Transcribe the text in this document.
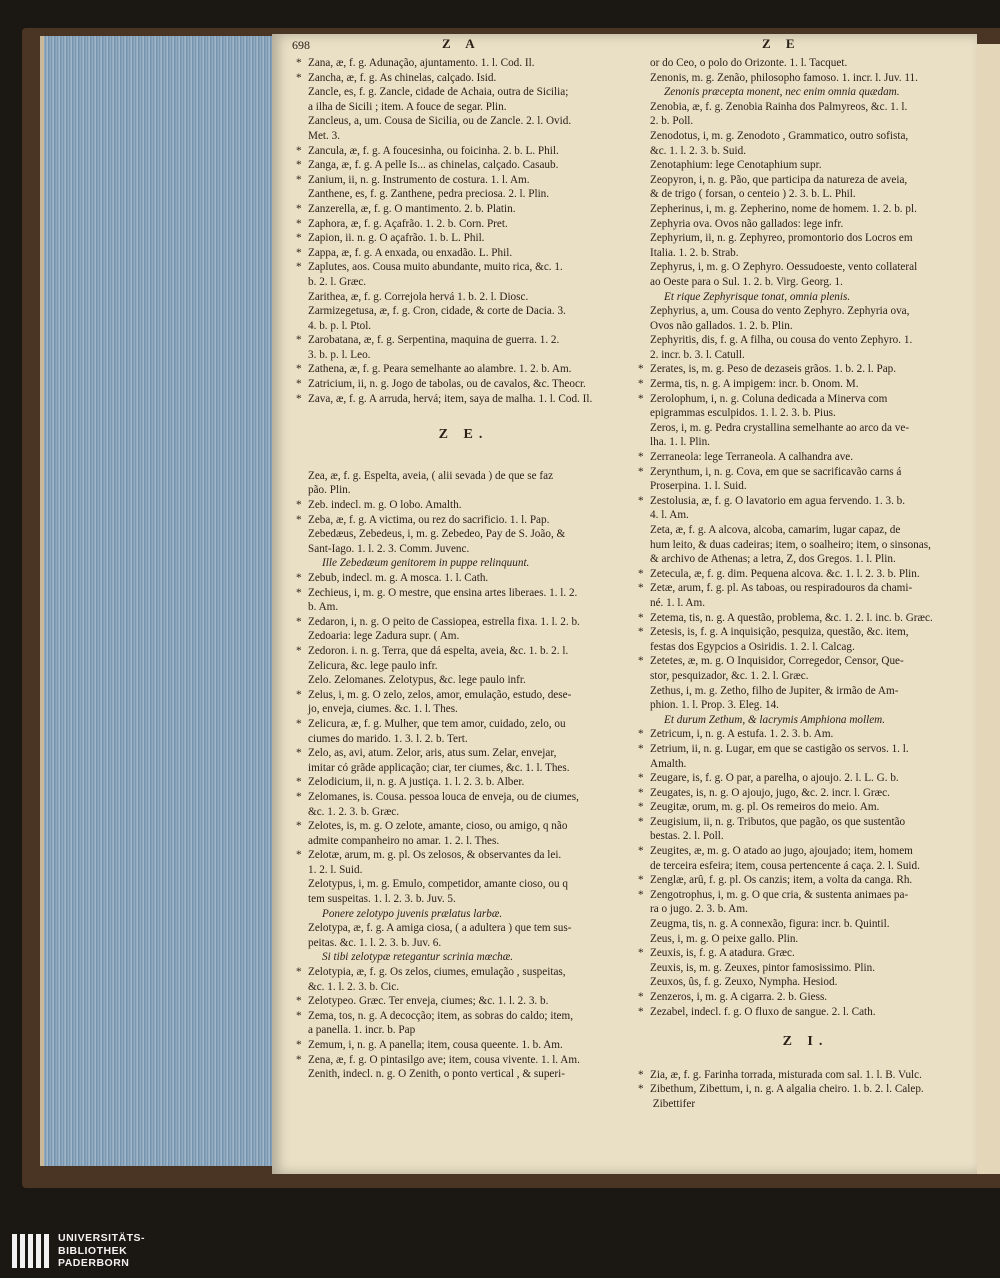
698	Z A	Z E
* Zana, æ, f. g. Adunação, ajuntamento. 1. l. Cod. Il.
* Zancha, æ, f. g. As chinelas, calçado. Isid.
Zancle, es, f. g. Zancle, cidade de Achaia, outra de Sicilia;
a ilha de Sicili ; item. A fouce de segar. Plin.
Zancleus, a, um. Cousa de Sicilia, ou de Zancle. 2. l. Ovid.
Met. 3.
* Zancula, æ, f. g. A foucesinha, ou foicinha. 2. b. L. Phil.
* Zanga, æ, f. g. A pelle Is... as chinelas, calçado. Casaub.
* Zanium, ii, n. g. Instrumento de costura. 1. l. Am.
Zanthene, es, f. g. Zanthene, pedra preciosa. 2. l. Plin.
* Zanzerella, æ, f. g. O mantimento. 2. b. Platin.
* Zaphora, æ, f. g. Açafrão. 1. 2. b. Corn. Pret.
* Zapion, ii. n. g. O açafrão. 1. b. L. Phil.
* Zappa, æ, f. g. A enxada, ou enxadão. L. Phil.
* Zaplutes, aos. Cousa muito abundante, muito rica, &c. 1.
b. 2. l. Græc.
Zarithea, æ, f. g. Correjola hervá 1. b. 2. l. Diosc.
Zarmizegetusa, æ, f. g. Cron, cidade, & corte de Dacia. 3.
4. b. p. l. Ptol.
* Zarobatana, æ, f. g. Serpentina, maquina de guerra. 1. 2.
3. b. p. l. Leo.
* Zathena, æ, f. g. Peara semelhante ao alambre. 1. 2. b. Am.
* Zatricium, ii, n. g. Jogo de tabolas, ou de cavalos, &c. Theocr.
* Zava, æ, f. g. A arruda, hervá; item, saya de malha. 1. l. Cod. Il.
Z E.
Zea, æ, f. g. Espelta, aveia, ( alii sevada ) de que se faz
pão. Plin.
* Zeb. indecl. m. g. O lobo. Amalth.
* Zeba, æ, f. g. A victima, ou rez do sacrificio. 1. l. Pap.
Zebedæus, Zebedeus, i, m. g. Zebedeo, Pay de S. João, &
Sant-Iago. 1. l. 2. 3. Comm. Juvenc.
Ille Zebedæum genitorem in puppe relinquunt.
* Zebub, indecl. m. g. A mosca. 1. l. Cath.
* Zechieus, i, m. g. O mestre, que ensina artes liberaes. 1. l. 2.
b. Am.
* Zedaron, i, n. g. O peito de Cassiopea, estrella fixa. 1. l. 2. b.
Zedoaria: lege Zadura supr. ( Am.
* Zedoron. i. n. g. Terra, que dá espelta, aveia, &c. 1. b. 2. l.
Zelicura, &c. lege paulo infr.
Zelo. Zelomanes. Zelotypus, &c. lege paulo infr.
* Zelus, i, m. g. O zelo, zelos, amor, emulação, estudo, dese-
jo, enveja, ciumes. &c. 1. l. Thes.
* Zelicura, æ, f. g. Mulher, que tem amor, cuidado, zelo, ou
ciumes do marido. 1. 3. l. 2. b. Tert.
* Zelo, as, avi, atum. Zelor, aris, atus sum. Zelar, envejar,
imitar có grãde applicação; ciar, ter ciumes, &c. 1. l. Thes.
* Zelodicium, ii, n. g. A justiça. 1. l. 2. 3. b. Alber.
* Zelomanes, is. Cousa. pessoa louca de enveja, ou de ciumes,
&c. 1. 2. 3. b. Græc.
* Zelotes, is, m. g. O zelote, amante, cioso, ou amigo, q não
admite companheiro no amar. 1. 2. l. Thes.
* Zelotæ, arum, m. g. pl. Os zelosos, & observantes da lei.
1. 2. l. Suid.
Zelotypus, i, m. g. Emulo, competidor, amante cioso, ou q
tem suspeitas. 1. l. 2. 3. b. Juv. 5.
Ponere zelotypo juvenis prælatus larbæ.
Zelotypa, æ, f. g. A amiga ciosa, ( a adultera ) que tem sus-
peitas. &c. 1. l. 2. 3. b. Juv. 6.
Si tibi zelotypæ retegantur scrinia mœchæ.
* Zelotypia, æ, f. g. Os zelos, ciumes, emulação , suspeitas,
&c. 1. l. 2. 3. b. Cic.
* Zelotypeo. Græc. Ter enveja, ciumes; &c. 1. l. 2. 3. b.
* Zema, tos, n. g. A decocção; item, as sobras do caldo; item,
a panella. 1. incr. b. Pap
* Zemum, i, n. g. A panella; item, cousa queente. 1. b. Am.
* Zena, æ, f. g. O pintasilgo ave; item, cousa vivente. 1. l. Am.
Zenith, indecl. n. g. O Zenith, o ponto vertical , & superi-
or do Ceo, o polo do Orizonte. 1. l. Tacquet.
Zenonis, m. g. Zenão, philosopho famoso. 1. incr. l. Juv. 11.
Zenonis præcepta monent, nec enim omnia quædam.
Zenobia, æ, f. g. Zenobia Rainha dos Palmyreos, &c. 1. l.
2. b. Poll.
Zenodotus, i, m. g. Zenodoto , Grammatico, outro sofista,
&c. 1. l. 2. 3. b. Suid.
Zenotaphium: lege Cenotaphium supr.
Zeopyron, i, n. g. Pão, que participa da natureza de aveia,
& de trigo ( forsan, o centeio ) 2. 3. b. L. Phil.
Zepherinus, i, m. g. Zepherino, nome de homem. 1. 2. b. pl.
Zephyria ova. Ovos não gallados: lege infr.
Zephyrium, ii, n. g. Zephyreo, promontorio dos Locros em
Italia. 1. 2. b. Strab.
Zephyrus, i, m. g. O Zephyro. Oessudoeste, vento collateral
ao Oeste para o Sul. 1. 2. b. Virg. Georg. 1.
Et rique Zephyrisque tonat, omnia plenis.
Zephyrius, a, um. Cousa do vento Zephyro. Zephyria ova,
Ovos não gallados. 1. 2. b. Plin.
Zephyritis, dis, f. g. A filha, ou cousa do vento Zephyro. 1.
2. incr. b. 3. l. Catull.
* Zerates, is, m. g. Peso de dezaseis grãos. 1. b. 2. l. Pap.
* Zerma, tis, n. g. A impigem: incr. b. Onom. M.
* Zerolophum, i, n. g. Coluna dedicada a Minerva com
epigrammas esculpidos. 1. l. 2. 3. b. Pius.
Zeros, i, m. g. Pedra crystallina semelhante ao arco da ve-
lha. 1. l. Plin.
* Zerraneola: lege Terraneola. A calhandra ave.
* Zerynthum, i, n. g. Cova, em que se sacrificavão carns á
Proserpina. 1. l. Suid.
* Zestolusia, æ, f. g. O lavatorio em agua fervendo. 1. 3. b.
4. l. Am.
Zeta, æ, f. g. A alcova, alcoba, camarim, lugar capaz, de
hum leito, & duas cadeiras; item, o soalheiro; item, o sinsonas,
& archivo de Athenas; a letra, Z, dos Gregos. 1. l. Plin.
* Zetecula, æ, f. g. dim. Pequena alcova. &c. 1. l. 2. 3. b. Plin.
* Zetæ, arum, f. g. pl. As taboas, ou respiradouros da chami-
né. 1. l. Am.
* Zetema, tis, n. g. A questão, problema, &c. 1. 2. l. inc. b. Græc.
* Zetesis, is, f. g. A inquisição, pesquiza, questão, &c. item,
festas dos Egypcios a Osiridis. 1. 2. l. Calcag.
* Zetetes, æ, m. g. O Inquisidor, Corregedor, Censor, Que-
stor, pesquizador, &c. 1. 2. l. Græc.
Zethus, i, m. g. Zetho, filho de Jupiter, & irmão de Am-
phion. 1. l. Prop. 3. Eleg. 14.
Et durum Zethum, & lacrymis Amphiona mollem.
* Zetricum, i, n. g. A estufa. 1. 2. 3. b. Am.
* Zetrium, ii, n. g. Lugar, em que se castigão os servos. 1. l.
Amalth.
* Zeugare, is, f. g. O par, a parelha, o ajoujo. 2. l. L. G. b.
* Zeugates, is, n. g. O ajoujo, jugo, &c. 2. incr. l. Græc.
* Zeugitæ, orum, m. g. pl. Os remeiros do meio. Am.
* Zeugisium, ii, n. g. Tributos, que pagão, os que sustentão
bestas. 2. l. Poll.
* Zeugites, æ, m. g. O atado ao jugo, ajoujado; item, homem
de terceira esfeira; item, cousa pertencente á caça. 2. l. Suid.
* Zenglæ, arû, f. g. pl. Os canzis; item, a volta da canga. Rh.
* Zengotrophus, i, m. g. O que cria, & sustenta animaes pa-
ra o jugo. 2. 3. b. Am.
Zeugma, tis, n. g. A connexão, figura: incr. b. Quintil.
Zeus, i, m. g. O peixe gallo. Plin.
* Zeuxis, is, f. g. A atadura. Græc.
Zeuxis, is, m. g. Zeuxes, pintor famosissimo. Plin.
Zeuxos, ûs, f. g. Zeuxo, Nympha. Hesiod.
* Zenzeros, i, m. g. A cigarra. 2. b. Giess.
* Zezabel, indecl. f. g. O fluxo de sangue. 2. l. Cath.
Z I.
* Zia, æ, f. g. Farinha torrada, misturada com sal. 1. l. B. Vulc.
* Zibethum, Zibettum, i, n. g. A algalia cheiro. 1. b. 2. l. Calep.
Zibettifer
UNIVERSITÄTS-
BIBLIOTHEK
PADERBORN
